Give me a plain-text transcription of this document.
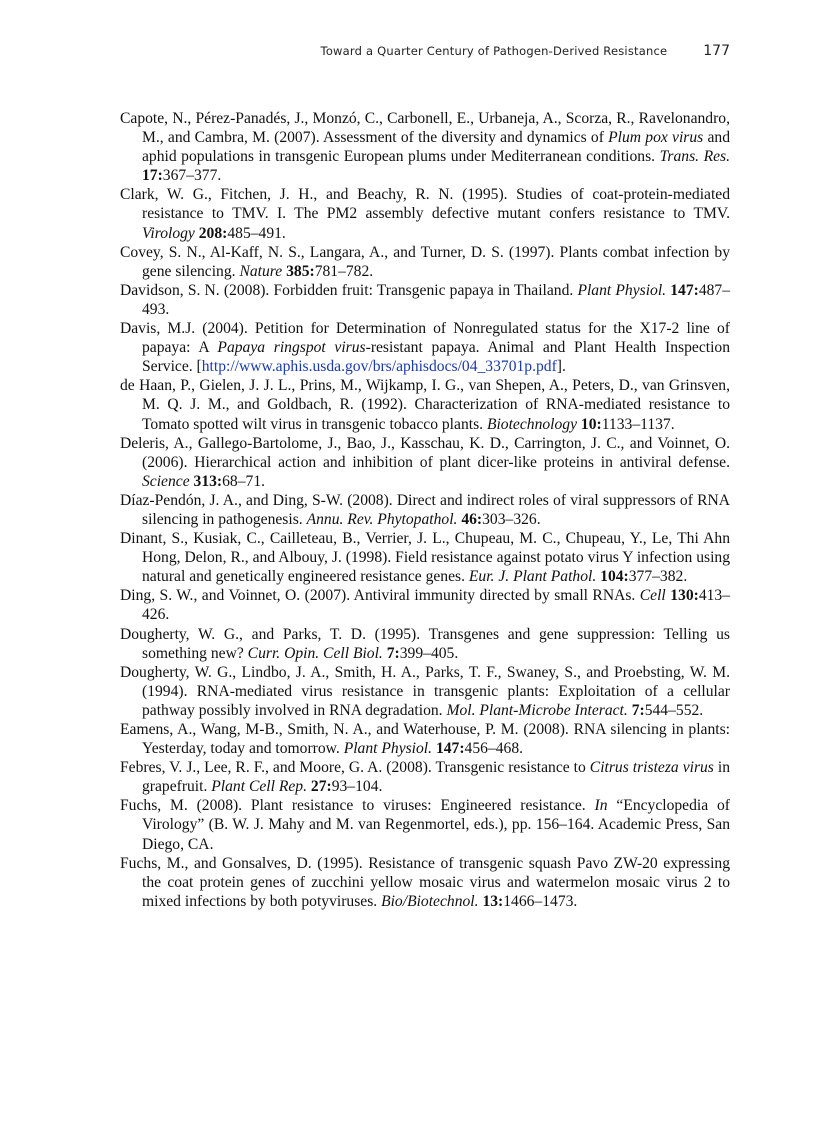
Toward a Quarter Century of Pathogen-Derived Resistance	177

Capote, N., Pérez-Panadés, J., Monzó, C., Carbonell, E., Urbaneja, A., Scorza, R., Ravelonandro, M., and Cambra, M. (2007). Assessment of the diversity and dynamics of Plum pox virus and aphid populations in transgenic European plums under Mediterranean conditions. Trans. Res. 17:367–377.

Clark, W. G., Fitchen, J. H., and Beachy, R. N. (1995). Studies of coat-protein-mediated resistance to TMV. I. The PM2 assembly defective mutant confers resistance to TMV. Virology 208:485–491.

Covey, S. N., Al-Kaff, N. S., Langara, A., and Turner, D. S. (1997). Plants combat infection by gene silencing. Nature 385:781–782.

Davidson, S. N. (2008). Forbidden fruit: Transgenic papaya in Thailand. Plant Physiol. 147:487–493.

Davis, M.J. (2004). Petition for Determination of Nonregulated status for the X17-2 line of papaya: A Papaya ringspot virus-resistant papaya. Animal and Plant Health Inspection Service. [http://www.aphis.usda.gov/brs/aphisdocs/04_33701p.pdf].

de Haan, P., Gielen, J. J. L., Prins, M., Wijkamp, I. G., van Shepen, A., Peters, D., van Grinsven, M. Q. J. M., and Goldbach, R. (1992). Characterization of RNA-mediated resistance to Tomato spotted wilt virus in transgenic tobacco plants. Biotechnology 10:1133–1137.

Deleris, A., Gallego-Bartolome, J., Bao, J., Kasschau, K. D., Carrington, J. C., and Voinnet, O. (2006). Hierarchical action and inhibition of plant dicer-like proteins in antiviral defense. Science 313:68–71.

Díaz-Pendón, J. A., and Ding, S-W. (2008). Direct and indirect roles of viral suppressors of RNA silencing in pathogenesis. Annu. Rev. Phytopathol. 46:303–326.

Dinant, S., Kusiak, C., Cailleteau, B., Verrier, J. L., Chupeau, M. C., Chupeau, Y., Le, Thi Ahn Hong, Delon, R., and Albouy, J. (1998). Field resistance against potato virus Y infection using natural and genetically engineered resistance genes. Eur. J. Plant Pathol. 104:377–382.

Ding, S. W., and Voinnet, O. (2007). Antiviral immunity directed by small RNAs. Cell 130:413–426.

Dougherty, W. G., and Parks, T. D. (1995). Transgenes and gene suppression: Telling us something new? Curr. Opin. Cell Biol. 7:399–405.

Dougherty, W. G., Lindbo, J. A., Smith, H. A., Parks, T. F., Swaney, S., and Proebsting, W. M. (1994). RNA-mediated virus resistance in transgenic plants: Exploitation of a cellular pathway possibly involved in RNA degradation. Mol. Plant-Microbe Interact. 7:544–552.

Eamens, A., Wang, M-B., Smith, N. A., and Waterhouse, P. M. (2008). RNA silencing in plants: Yesterday, today and tomorrow. Plant Physiol. 147:456–468.

Febres, V. J., Lee, R. F., and Moore, G. A. (2008). Transgenic resistance to Citrus tristeza virus in grapefruit. Plant Cell Rep. 27:93–104.

Fuchs, M. (2008). Plant resistance to viruses: Engineered resistance. In “Encyclopedia of Virology” (B. W. J. Mahy and M. van Regenmortel, eds.), pp. 156–164. Academic Press, San Diego, CA.

Fuchs, M., and Gonsalves, D. (1995). Resistance of transgenic squash Pavo ZW-20 expressing the coat protein genes of zucchini yellow mosaic virus and watermelon mosaic virus 2 to mixed infections by both potyviruses. Bio/Biotechnol. 13:1466–1473.
